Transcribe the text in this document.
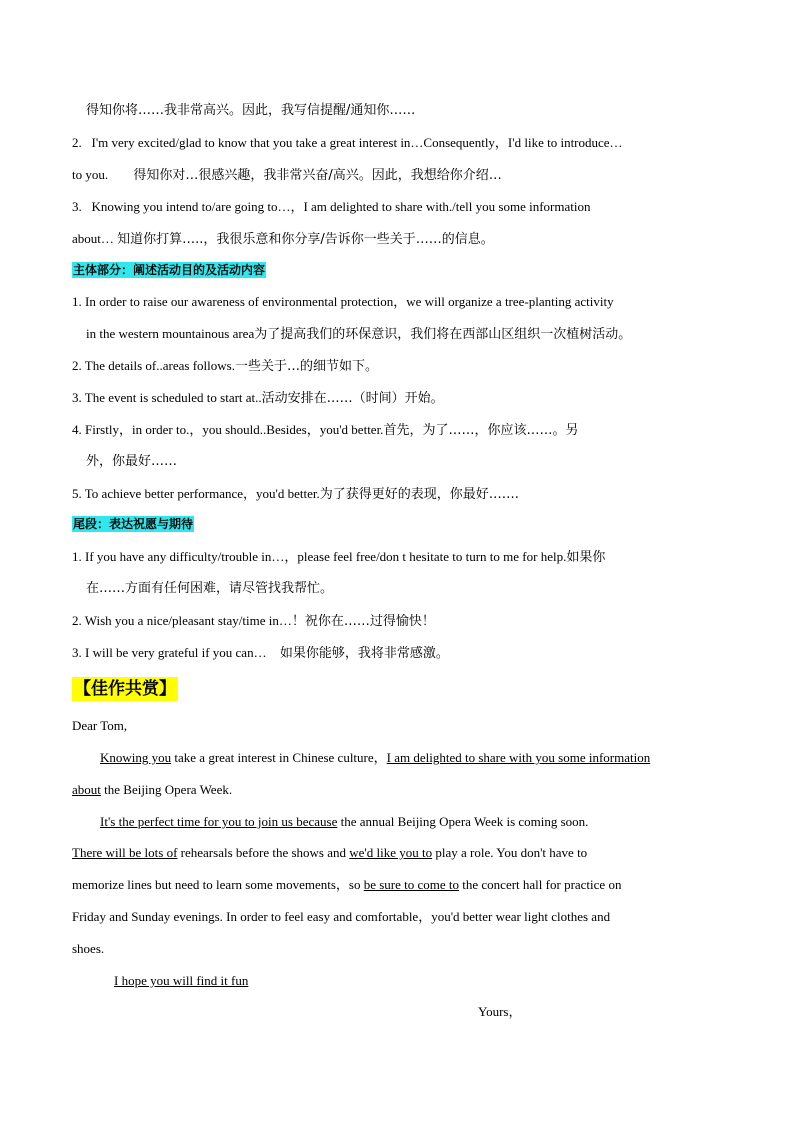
得知你将……我非常高兴。因此，我写信提醒/通知你……
2. I'm very excited/glad to know that you take a great interest in…Consequently，I'd like to introduce…
to you. 得知你对…很感兴趣，我非常兴奋/高兴。因此，我想给你介绍…
3. Knowing you intend to/are going to…，I am delighted to share with./tell you some information
about… 知道你打算…..，我很乐意和你分享/告诉你一些关于……的信息。
主体部分：阐述活动目的及活动内容
1. In order to raise our awareness of environmental protection，we will organize a tree-planting activity
in the western mountainous area为了提高我们的环保意识，我们将在西部山区组织一次植树活动。
2. The details of..areas follows.一些关于…的细节如下。
3. The event is scheduled to start at..活动安排在……（时间）开始。
4. Firstly，in order to.，you should..Besides，you'd better.首先，为了……，你应该……。另
外，你最好……
5. To achieve better performance，you'd better.为了获得更好的表现，你最好…….
尾段：表达祝愿与期待
1. If you have any difficulty/trouble in…，please feel free/don t hesitate to turn to me for help.如果你
在……方面有任何困难，请尽管找我帮忙。
2. Wish you a nice/pleasant stay/time in…！祝你在……过得愉快！
3. I will be very grateful if you can… 如果你能够，我将非常感激。
【佳作共赏】
Dear Tom,
Knowing you take a great interest in Chinese culture，I am delighted to share with you some information
about the Beijing Opera Week.
It's the perfect time for you to join us because the annual Beijing Opera Week is coming soon.
There will be lots of rehearsals before the shows and we'd like you to play a role. You don't have to
memorize lines but need to learn some movements，so be sure to come to the concert hall for practice on
Friday and Sunday evenings. In order to feel easy and comfortable，you'd better wear light clothes and
shoes.
I hope you will find it fun
Yours，
